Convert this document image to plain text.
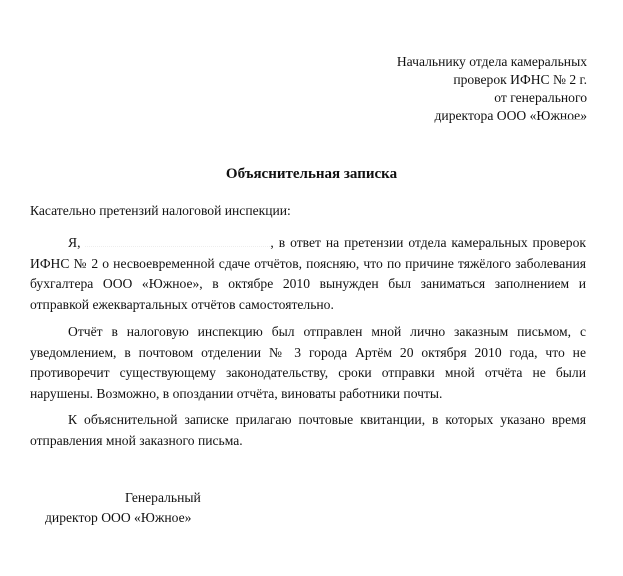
Начальнику отдела камеральных
проверок ИФНС № 2 г.
от генерального
директора ООО «Южное»
Объяснительная записка
Касательно претензий налоговой инспекции:
Я,	, в ответ на претензии отдела камеральных проверок ИФНС № 2 о несвоевременной сдаче отчётов, поясняю, что по причине тяжёлого заболевания бухгалтера ООО «Южное», в октябре 2010 вынужден был заниматься заполнением и отправкой ежеквартальных отчётов самостоятельно.
Отчёт в налоговую инспекцию был отправлен мной лично заказным письмом, с уведомлением, в почтовом отделении № 3 города Артём 20 октября 2010 года, что не противоречит существующему законодательству, сроки отправки мной отчёта не были нарушены. Возможно, в опоздании отчёта, виноваты работники почты.
К объяснительной записке прилагаю почтовые квитанции, в которых указано время отправления мной заказного письма.
Генеральный
директор ООО «Южное»
